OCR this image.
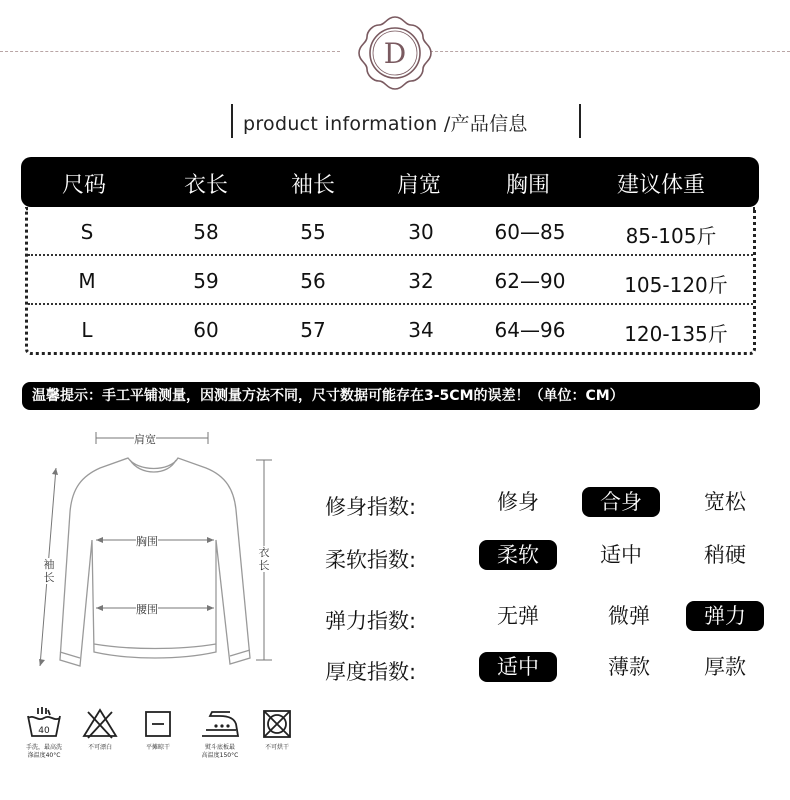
D
product information /产品信息
尺码	衣长	袖长	肩宽	胸围	建议体重
S	58	55	30	60—85	85-105斤
M	59	56	32	62—90	105-120斤
L	60	57	34	64—96	120-135斤
温馨提示：手工平铺测量，因测量方法不同，尺寸数据可能存在3-5CM的误差！（单位：CM）
肩宽
胸围
腰围
袖长
衣长
修身指数:	修身	合身	宽松
柔软指数:	柔软	适中	稍硬
弹力指数:	无弹	微弹	弹力
厚度指数:	适中	薄款	厚款
40
手洗，最高洗
涤温度40°C
不可漂白	平摊晾干	熨斗底板最
高温度150°C
不可烘干
